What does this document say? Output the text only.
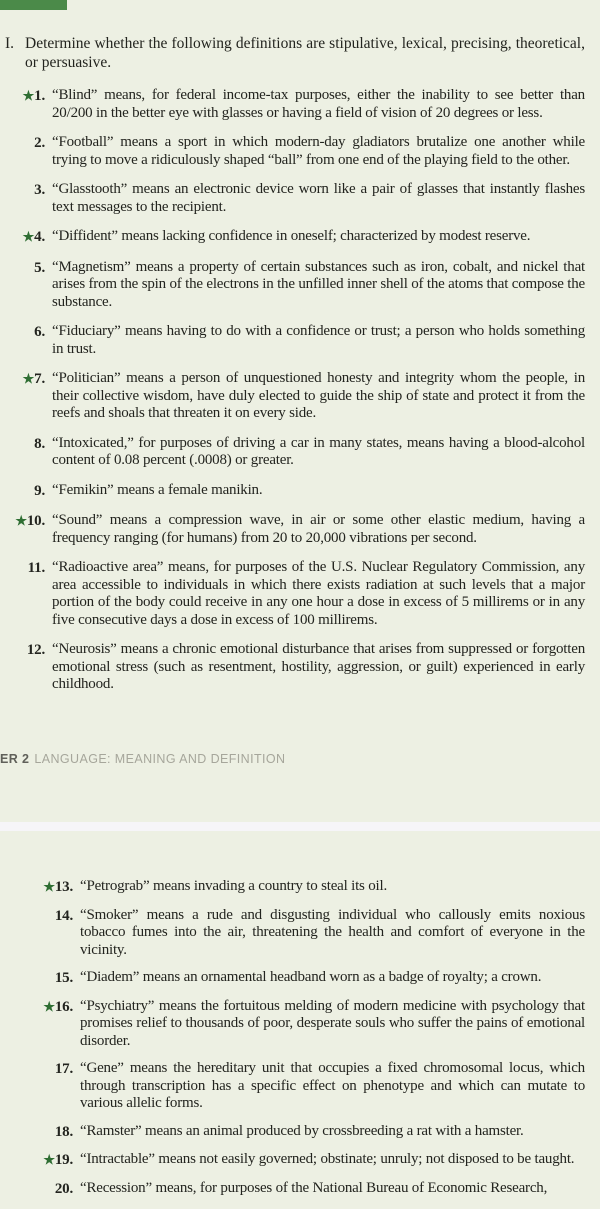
I. Determine whether the following definitions are stipulative, lexical, precising, theoretical, or persuasive.
★1. “Blind” means, for federal income-tax purposes, either the inability to see better than 20/200 in the better eye with glasses or having a field of vision of 20 degrees or less.
2. “Football” means a sport in which modern-day gladiators brutalize one another while trying to move a ridiculously shaped “ball” from one end of the playing field to the other.
3. “Glasstooth” means an electronic device worn like a pair of glasses that instantly flashes text messages to the recipient.
★4. “Diffident” means lacking confidence in oneself; characterized by modest reserve.
5. “Magnetism” means a property of certain substances such as iron, cobalt, and nickel that arises from the spin of the electrons in the unfilled inner shell of the atoms that compose the substance.
6. “Fiduciary” means having to do with a confidence or trust; a person who holds something in trust.
★7. “Politician” means a person of unquestioned honesty and integrity whom the people, in their collective wisdom, have duly elected to guide the ship of state and protect it from the reefs and shoals that threaten it on every side.
8. “Intoxicated,” for purposes of driving a car in many states, means having a blood-alcohol content of 0.08 percent (.0008) or greater.
9. “Femikin” means a female manikin.
★10. “Sound” means a compression wave, in air or some other elastic medium, having a frequency ranging (for humans) from 20 to 20,000 vibrations per second.
11. “Radioactive area” means, for purposes of the U.S. Nuclear Regulatory Commission, any area accessible to individuals in which there exists radiation at such levels that a major portion of the body could receive in any one hour a dose in excess of 5 millirems or in any five consecutive days a dose in excess of 100 millirems.
12. “Neurosis” means a chronic emotional disturbance that arises from suppressed or forgotten emotional stress (such as resentment, hostility, aggression, or guilt) experienced in early childhood.
ER 2 LANGUAGE: MEANING AND DEFINITION
★13. “Petrograb” means invading a country to steal its oil.
14. “Smoker” means a rude and disgusting individual who callously emits noxious tobacco fumes into the air, threatening the health and comfort of everyone in the vicinity.
15. “Diadem” means an ornamental headband worn as a badge of royalty; a crown.
★16. “Psychiatry” means the fortuitous melding of modern medicine with psychology that promises relief to thousands of poor, desperate souls who suffer the pains of emotional disorder.
17. “Gene” means the hereditary unit that occupies a fixed chromosomal locus, which through transcription has a specific effect on phenotype and which can mutate to various allelic forms.
18. “Ramster” means an animal produced by crossbreeding a rat with a hamster.
★19. “Intractable” means not easily governed; obstinate; unruly; not disposed to be taught.
20. “Recession” means, for purposes of the National Bureau of Economic Research,
